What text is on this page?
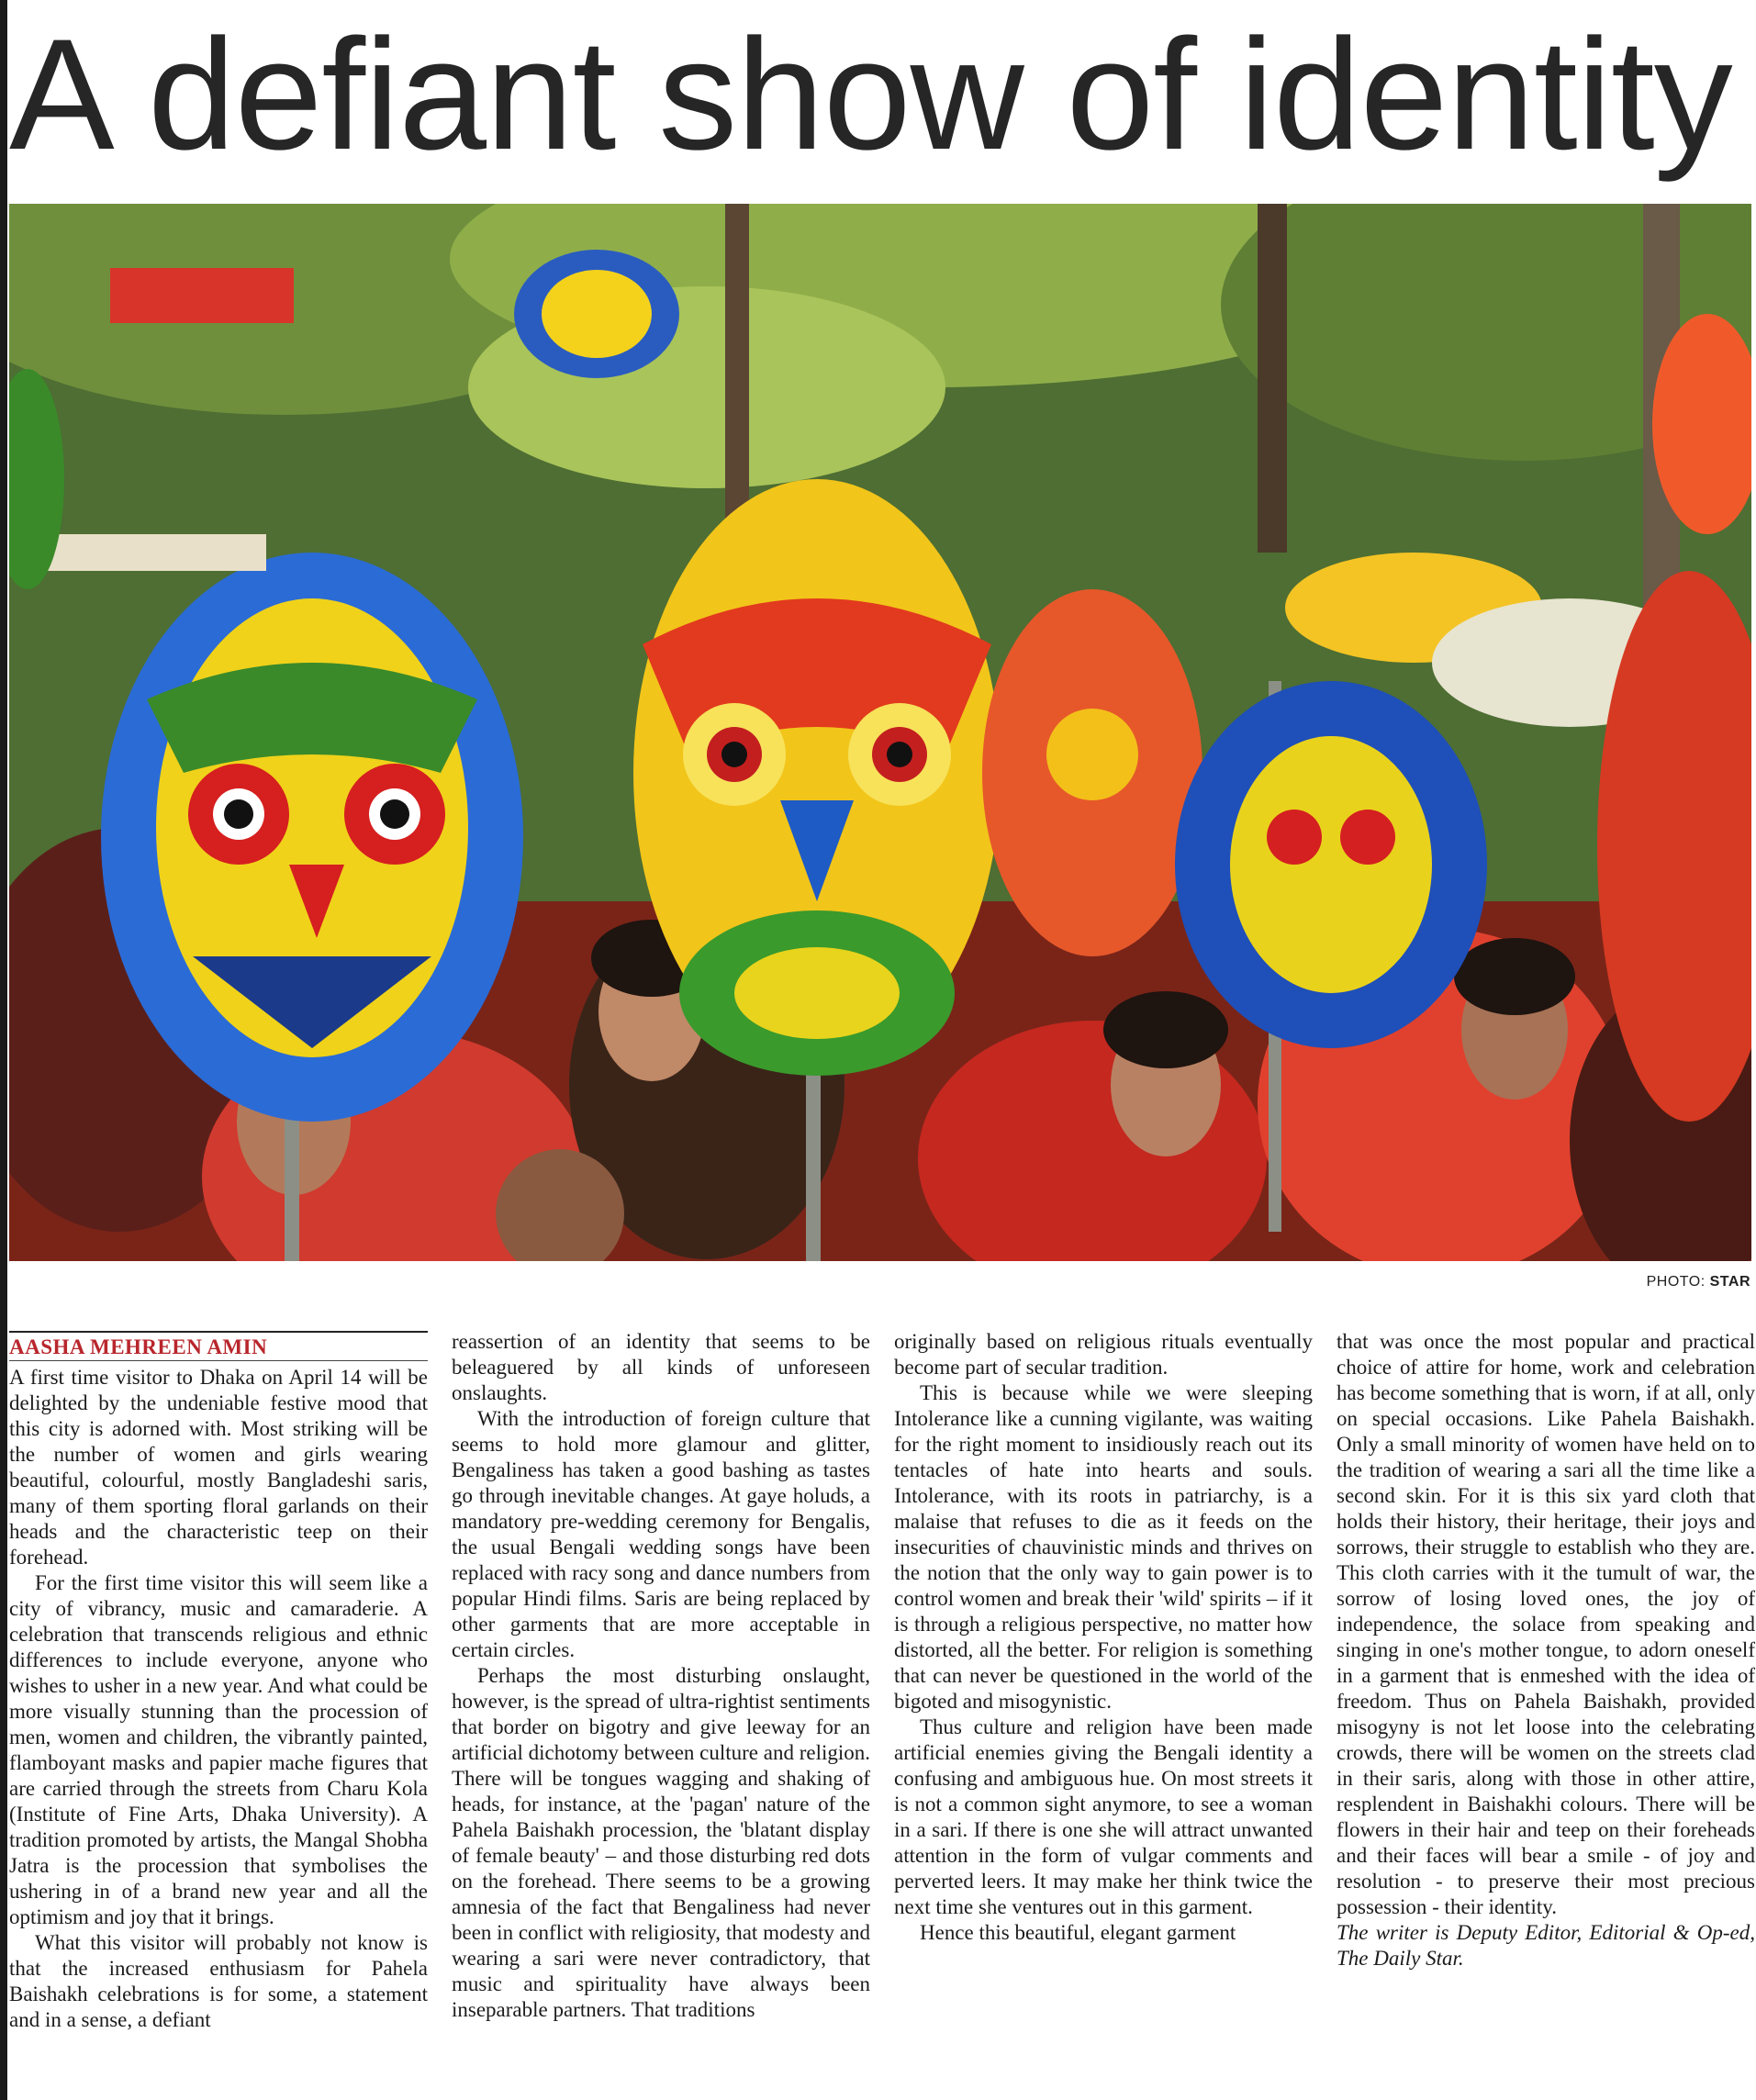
A defiant show of identity
PHOTO: STAR
AASHA MEHREEN AMIN

A first time visitor to Dhaka on April 14 will be delighted by the undeniable festive mood that this city is adorned with. Most striking will be the number of women and girls wearing beautiful, colourful, mostly Bangladeshi saris, many of them sporting floral garlands on their heads and the characteristic teep on their forehead.

For the first time visitor this will seem like a city of vibrancy, music and camaraderie. A celebration that transcends religious and ethnic differences to include everyone, anyone who wishes to usher in a new year. And what could be more visually stunning than the procession of men, women and children, the vibrantly painted, flamboyant masks and papier mache figures that are carried through the streets from Charu Kola (Institute of Fine Arts, Dhaka University). A tradition promoted by artists, the Mangal Shobha Jatra is the procession that symbolises the ushering in of a brand new year and all the optimism and joy that it brings.

What this visitor will probably not know is that the increased enthusiasm for Pahela Baishakh celebrations is for some, a statement and in a sense, a defiant

reassertion of an identity that seems to be beleaguered by all kinds of unforeseen onslaughts.

With the introduction of foreign culture that seems to hold more glamour and glitter, Bengaliness has taken a good bashing as tastes go through inevitable changes. At gaye holuds, a mandatory pre-wedding ceremony for Bengalis, the usual Bengali wedding songs have been replaced with racy song and dance numbers from popular Hindi films. Saris are being replaced by other garments that are more acceptable in certain circles.

Perhaps the most disturbing onslaught, however, is the spread of ultra-rightist sentiments that border on bigotry and give leeway for an artificial dichotomy between culture and religion. There will be tongues wagging and shaking of heads, for instance, at the 'pagan' nature of the Pahela Baishakh procession, the 'blatant display of female beauty' – and those disturbing red dots on the forehead. There seems to be a growing amnesia of the fact that Bengaliness had never been in conflict with religiosity, that modesty and wearing a sari were never contradictory, that music and spirituality have always been inseparable partners. That traditions

originally based on religious rituals eventually become part of secular tradition.

This is because while we were sleeping Intolerance like a cunning vigilante, was waiting for the right moment to insidiously reach out its tentacles of hate into hearts and souls. Intolerance, with its roots in patriarchy, is a malaise that refuses to die as it feeds on the insecurities of chauvinistic minds and thrives on the notion that the only way to gain power is to control women and break their 'wild' spirits – if it is through a religious perspective, no matter how distorted, all the better. For religion is something that can never be questioned in the world of the bigoted and misogynistic.

Thus culture and religion have been made artificial enemies giving the Bengali identity a confusing and ambiguous hue. On most streets it is not a common sight anymore, to see a woman in a sari. If there is one she will attract unwanted attention in the form of vulgar comments and perverted leers. It may make her think twice the next time she ventures out in this garment.

Hence this beautiful, elegant garment

that was once the most popular and practical choice of attire for home, work and celebration has become something that is worn, if at all, only on special occasions. Like Pahela Baishakh. Only a small minority of women have held on to the tradition of wearing a sari all the time like a second skin. For it is this six yard cloth that holds their history, their heritage, their joys and sorrows, their struggle to establish who they are. This cloth carries with it the tumult of war, the sorrow of losing loved ones, the joy of independence, the solace from speaking and singing in one's mother tongue, to adorn oneself in a garment that is enmeshed with the idea of freedom. Thus on Pahela Baishakh, provided misogyny is not let loose into the celebrating crowds, there will be women on the streets clad in their saris, along with those in other attire, resplendent in Baishakhi colours. There will be flowers in their hair and teep on their foreheads and their faces will bear a smile - of joy and resolution - to preserve their most precious possession - their identity.

The writer is Deputy Editor, Editorial & Op-ed, The Daily Star.
